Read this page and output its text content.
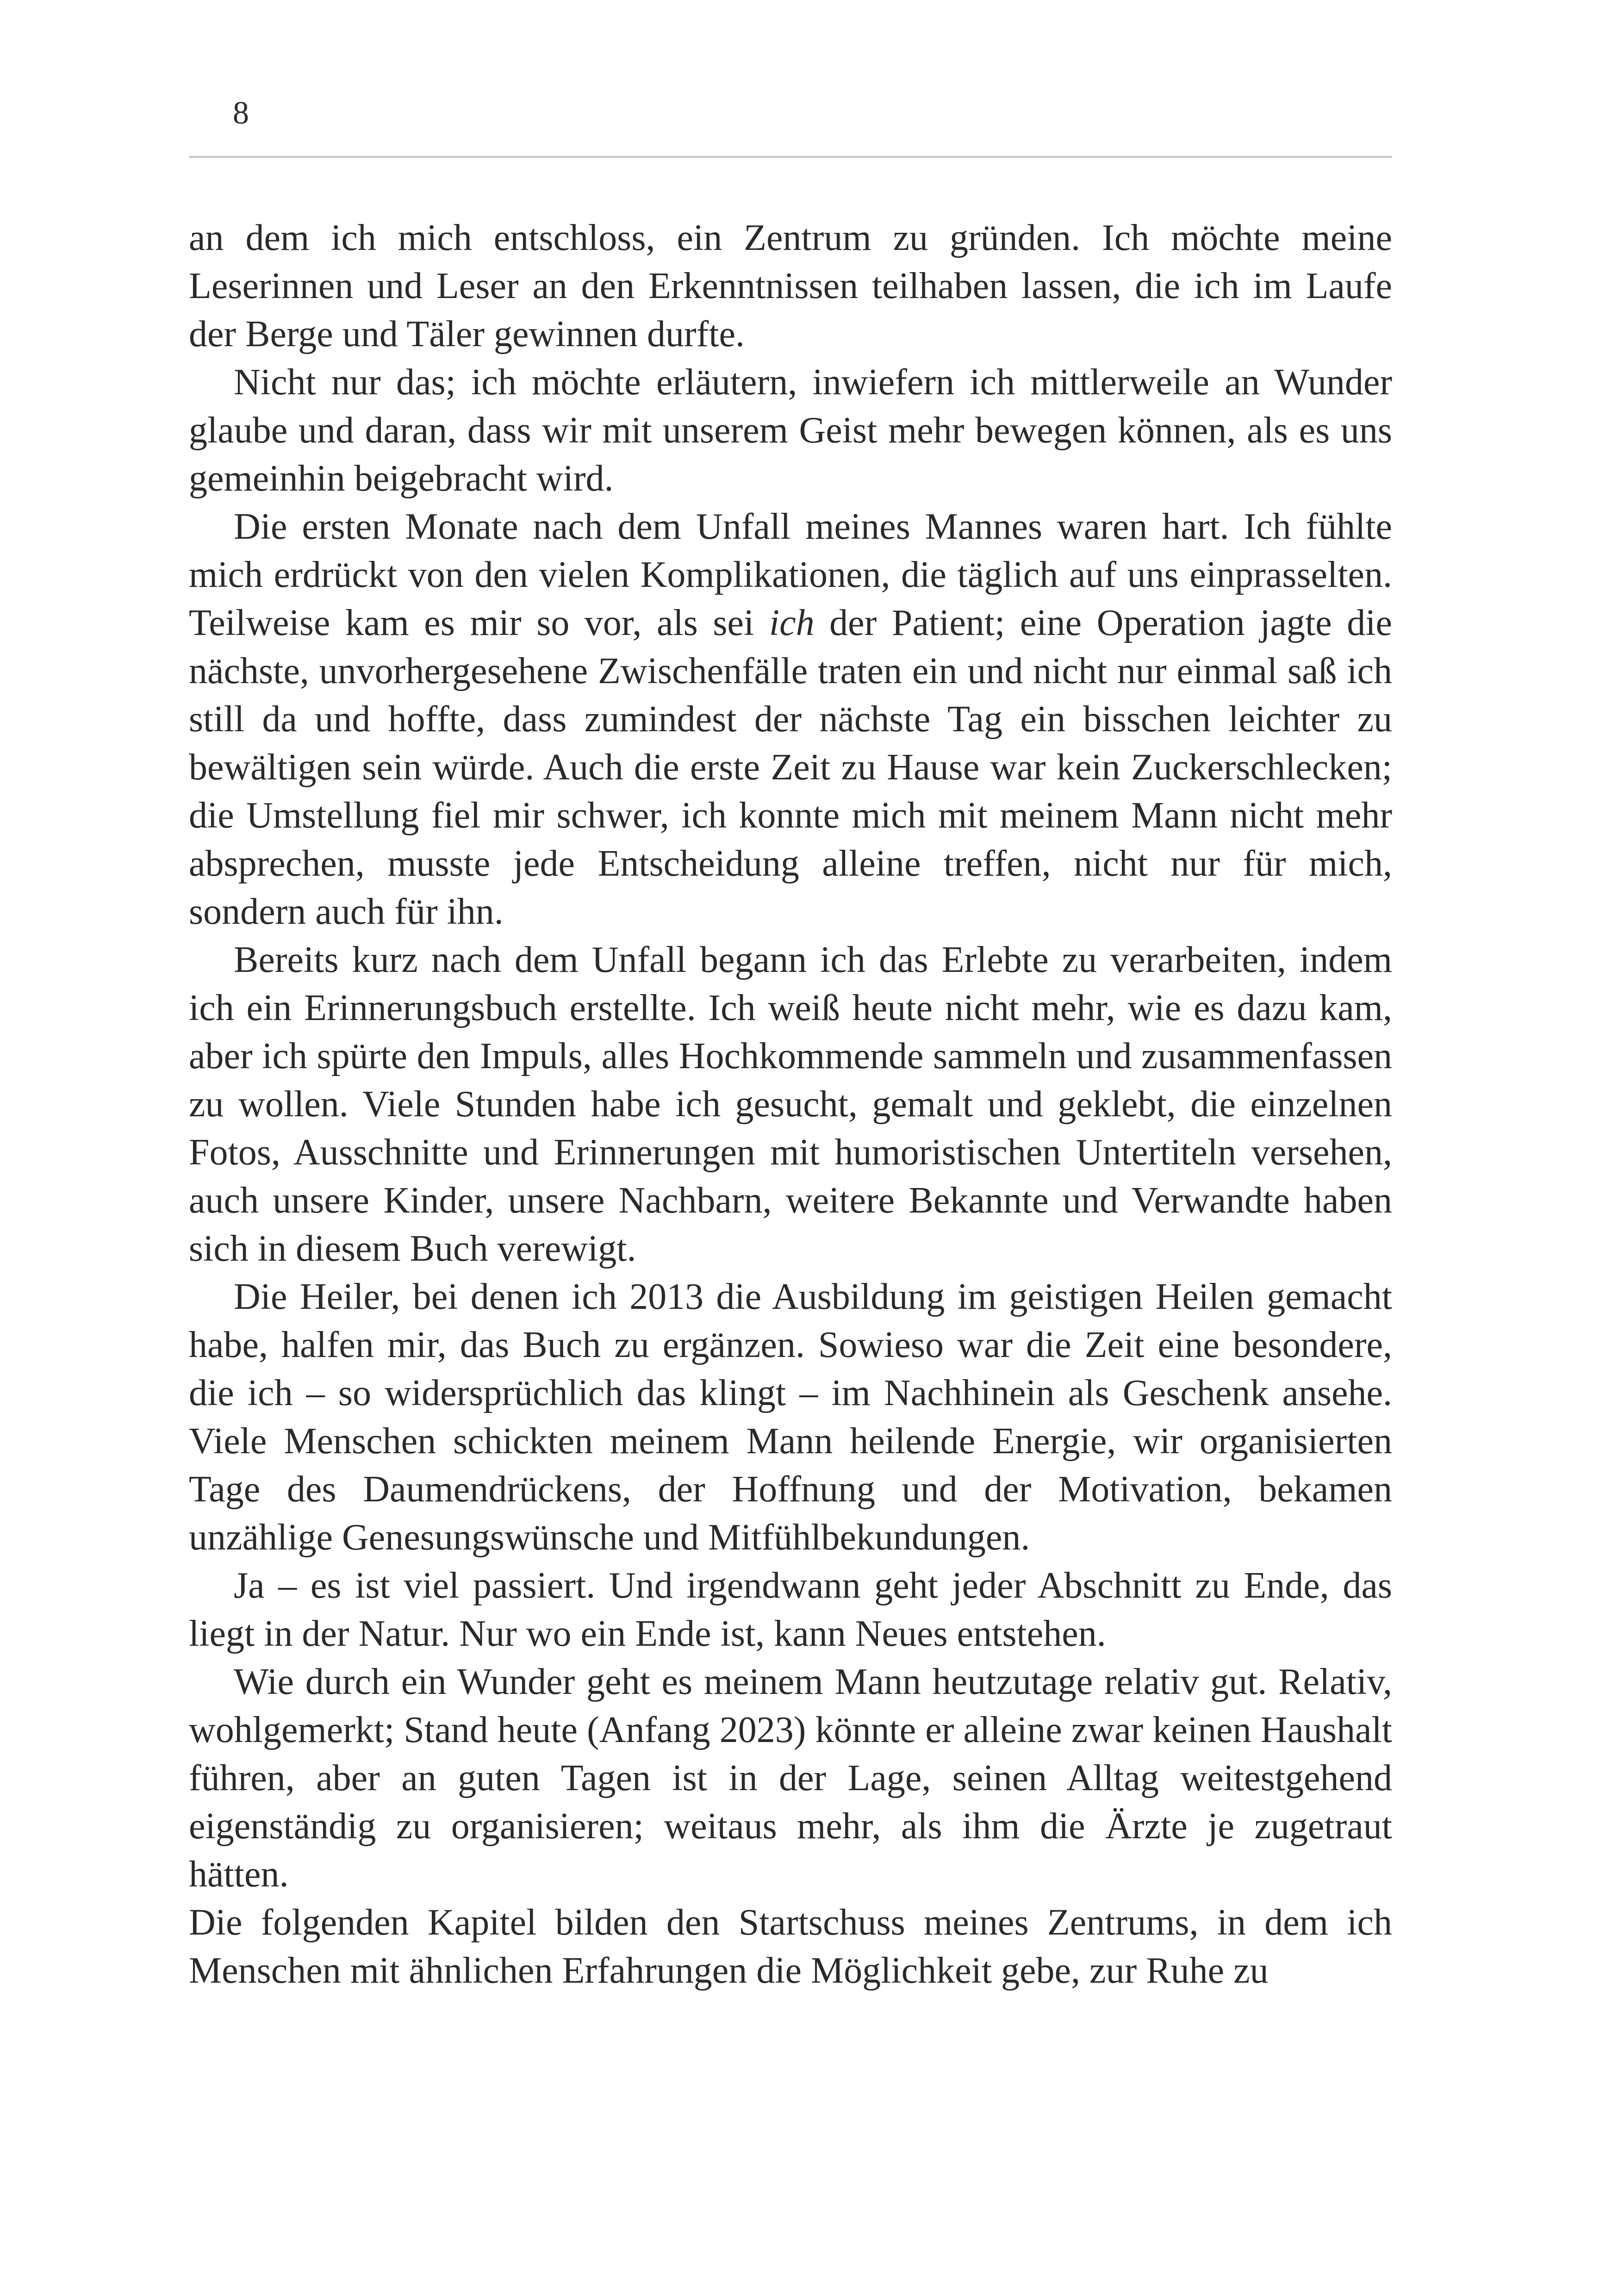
8

an dem ich mich entschloss, ein Zentrum zu gründen. Ich möchte meine Leserinnen und Leser an den Erkenntnissen teilhaben lassen, die ich im Laufe der Berge und Täler gewinnen durfte.

Nicht nur das; ich möchte erläutern, inwiefern ich mittlerweile an Wunder glaube und daran, dass wir mit unserem Geist mehr bewegen können, als es uns gemeinhin beigebracht wird.

Die ersten Monate nach dem Unfall meines Mannes waren hart. Ich fühlte mich erdrückt von den vielen Komplikationen, die täglich auf uns einprasselten. Teilweise kam es mir so vor, als sei ich der Patient; eine Operation jagte die nächste, unvorhergesehene Zwischenfälle traten ein und nicht nur einmal saß ich still da und hoffte, dass zumindest der nächste Tag ein bisschen leichter zu bewältigen sein würde. Auch die erste Zeit zu Hause war kein Zuckerschlecken; die Umstellung fiel mir schwer, ich konnte mich mit meinem Mann nicht mehr absprechen, musste jede Entscheidung alleine treffen, nicht nur für mich, sondern auch für ihn.

Bereits kurz nach dem Unfall begann ich das Erlebte zu verarbeiten, indem ich ein Erinnerungsbuch erstellte. Ich weiß heute nicht mehr, wie es dazu kam, aber ich spürte den Impuls, alles Hochkommende sammeln und zusammenfassen zu wollen. Viele Stunden habe ich gesucht, gemalt und geklebt, die einzelnen Fotos, Ausschnitte und Erinnerungen mit humoristischen Untertiteln versehen, auch unsere Kinder, unsere Nachbarn, weitere Bekannte und Verwandte haben sich in diesem Buch verewigt.

Die Heiler, bei denen ich 2013 die Ausbildung im geistigen Heilen gemacht habe, halfen mir, das Buch zu ergänzen. Sowieso war die Zeit eine besondere, die ich – so widersprüchlich das klingt – im Nachhinein als Geschenk ansehe. Viele Menschen schickten meinem Mann heilende Energie, wir organisierten Tage des Daumendrückens, der Hoffnung und der Motivation, bekamen unzählige Genesungswünsche und Mitfühlbekundungen.

Ja – es ist viel passiert. Und irgendwann geht jeder Abschnitt zu Ende, das liegt in der Natur. Nur wo ein Ende ist, kann Neues entstehen.

Wie durch ein Wunder geht es meinem Mann heutzutage relativ gut. Relativ, wohlgemerkt; Stand heute (Anfang 2023) könnte er alleine zwar keinen Haushalt führen, aber an guten Tagen ist in der Lage, seinen Alltag weitestgehend eigenständig zu organisieren; weitaus mehr, als ihm die Ärzte je zugetraut hätten.

Die folgenden Kapitel bilden den Startschuss meines Zentrums, in dem ich Menschen mit ähnlichen Erfahrungen die Möglichkeit gebe, zur Ruhe zu
